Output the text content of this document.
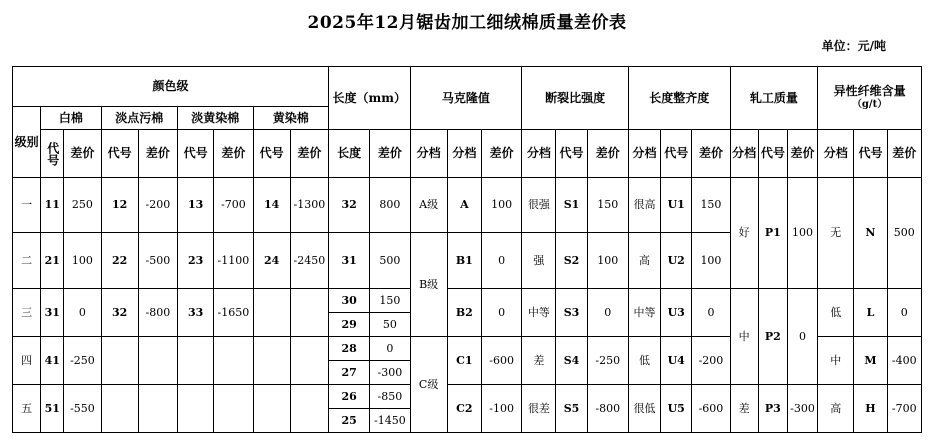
2025年12月锯齿加工细绒棉质量差价表
单位：元/吨
颜色级									长度（mm）		马克隆值			断裂比强度			长度整齐度			轧工质量			异性纤维含量
（g/t）		

级别	白棉		淡点污棉		淡黄染棉		黄染棉																		
	代号	差价	代号	差价	代号	差价	代号	差价	长度	差价	分档	分档	差价	分档	代号	差价	分档	代号	差价	分档	代号	差价	分档	代号	差价
一	11	250	12	-200	13	-700	14	-1300	32	800	A级	A	100	很强	S1	150	很高	U1	150	好	P1	100	无	N	500

二	21	100	22	-500	23	-1100	24	-2450	31	500	B级	B1	0	强	S2	100	高	U2	100						

三	31	0	32	-800	33	-1650			30	150		B2	0	中等	S3	0	中等	U3	0	中	P2	0	低	L	0
									29	50															
四	41	-250							28	0	C级	C1	-600	差	S4	-250	低	U4	-200				中	M	-400
									27	-300															
五	51	-550							26	-850		C2	-100	很差	S5	-800	很低	U5	-600	差	P3	-300	高	H	-700
									25	-1450															
